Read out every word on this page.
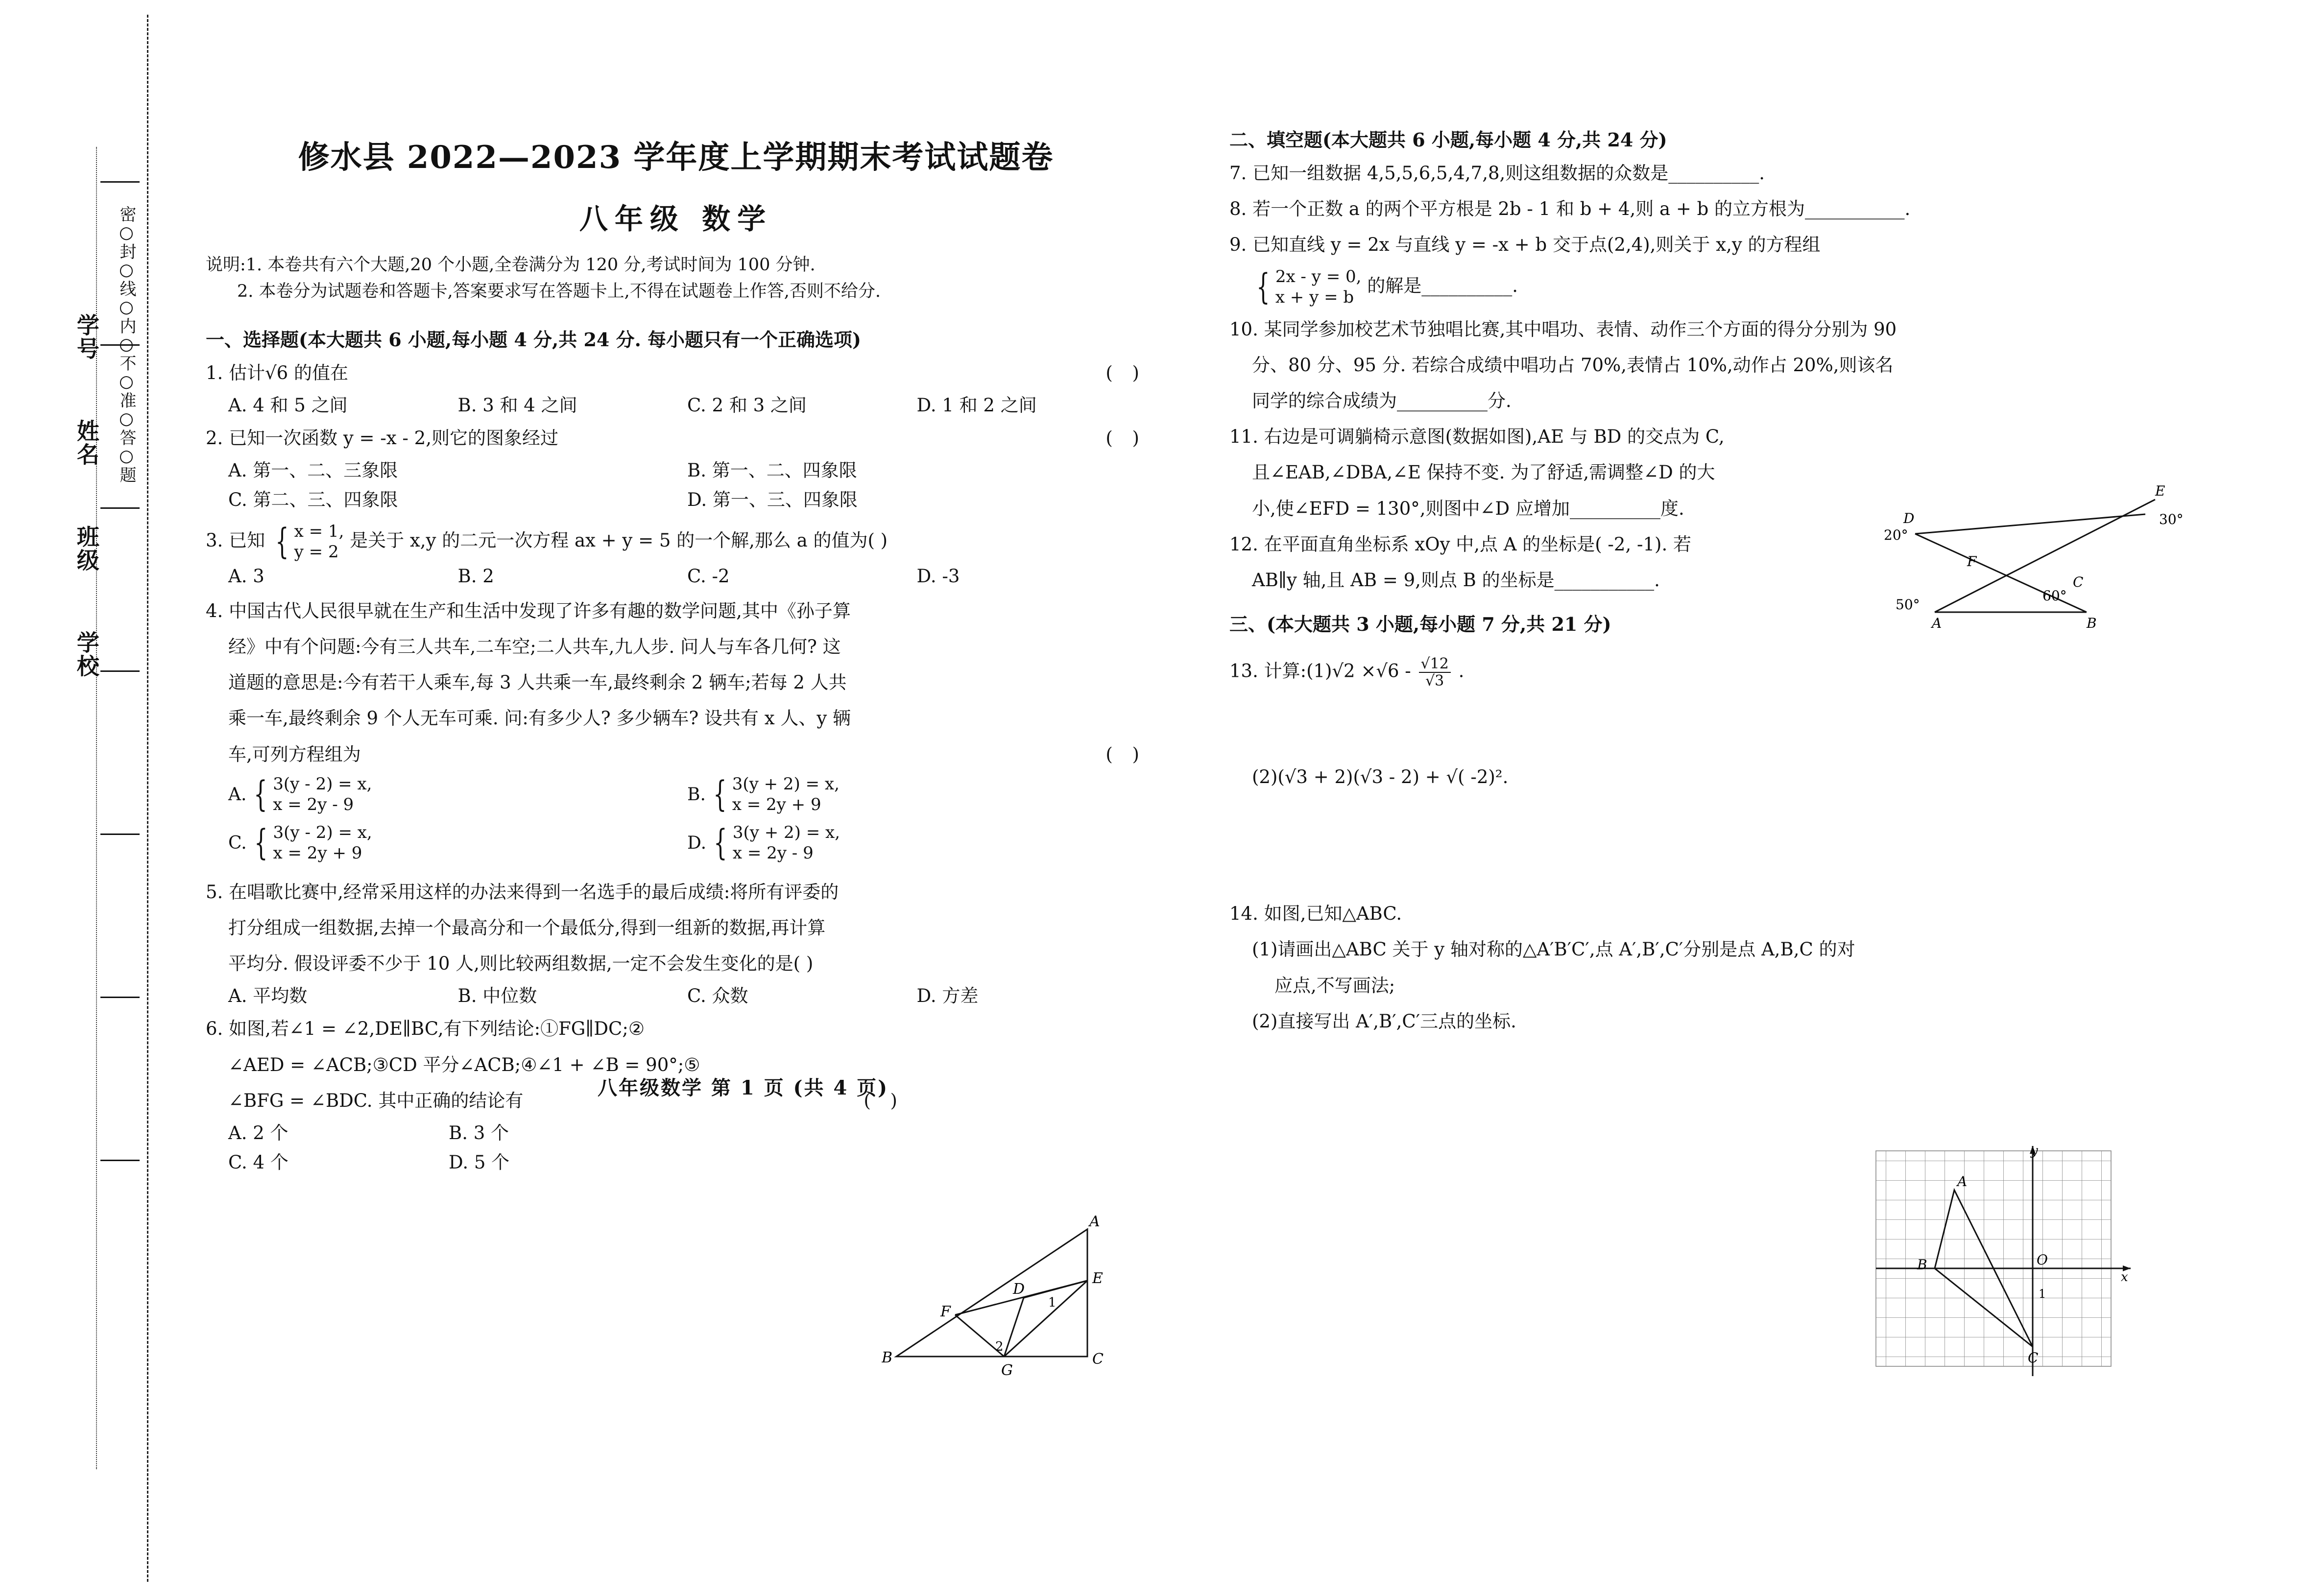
学号
姓名
班级
学校
密○封○线○内○不○准○答○题
修水县 2022—2023 学年度上学期期末考试试题卷
八年级 数学
说明:1. 本卷共有六个大题,20 个小题,全卷满分为 120 分,考试时间为 100 分钟.
2. 本卷分为试题卷和答题卡,答案要求写在答题卡上,不得在试题卷上作答,否则不给分.
一、选择题(本大题共 6 小题,每小题 4 分,共 24 分. 每小题只有一个正确选项)
( )
1. 估计√6 的值在
A. 4 和 5 之间	B. 3 和 4 之间	C. 2 和 3 之间	D. 1 和 2 之间
( )
2. 已知一次函数 y = -x - 2,则它的图象经过
A. 第一、二、三象限	B. 第一、二、四象限
C. 第二、三、四象限	D. 第一、三、四象限
3. 已知 { x = 1,
y = 2
是关于 x,y 的二元一次方程 ax + y = 5 的一个解,那么 a 的值为( )
A. 3	B. 2	C. -2	D. -3
4. 中国古代人民很早就在生产和生活中发现了许多有趣的数学问题,其中《孙子算
经》中有个问题:今有三人共车,二车空;二人共车,九人步. 问人与车各几何? 这
道题的意思是:今有若干人乘车,每 3 人共乘一车,最终剩余 2 辆车;若每 2 人共
乘一车,最终剩余 9 个人无车可乘. 问:有多少人? 多少辆车? 设共有 x 人、y 辆
( )
车,可列方程组为
A. { 3(y - 2) = x,
x = 2y - 9
B. { 3(y + 2) = x,
x = 2y + 9
C. { 3(y - 2) = x,
x = 2y + 9
D. { 3(y + 2) = x,
x = 2y - 9
5. 在唱歌比赛中,经常采用这样的办法来得到一名选手的最后成绩:将所有评委的
打分组成一组数据,去掉一个最高分和一个最低分,得到一组新的数据,再计算
平均分. 假设评委不少于 10 人,则比较两组数据,一定不会发生变化的是( )
A. 平均数	B. 中位数	C. 众数	D. 方差
6. 如图,若∠1 = ∠2,DE∥BC,有下列结论:①FG∥DC;②
∠AED = ∠ACB;③CD 平分∠ACB;④∠1 + ∠B = 90°;⑤
( )
∠BFG = ∠BDC. 其中正确的结论有
A. 2 个	B. 3 个
C. 4 个	D. 5 个
A
D
E
F
B
G
C
1
2
八年级数学 第 1 页 (共 4 页)
二、填空题(本大题共 6 小题,每小题 4 分,共 24 分)
7. 已知一组数据 4,5,5,6,5,4,7,8,则这组数据的众数是__________.
8. 若一个正数 a 的两个平方根是 2b - 1 和 b + 4,则 a + b 的立方根为___________.
9. 已知直线 y = 2x 与直线 y = -x + b 交于点(2,4),则关于 x,y 的方程组
{ 2x - y = 0,
x + y = b
的解是__________.
10. 某同学参加校艺术节独唱比赛,其中唱功、表情、动作三个方面的得分分别为 90
分、80 分、95 分. 若综合成绩中唱功占 70%,表情占 10%,动作占 20%,则该名
同学的综合成绩为__________分.
11. 右边是可调躺椅示意图(数据如图),AE 与 BD 的交点为 C,
且∠EAB,∠DBA,∠E 保持不变. 为了舒适,需调整∠D 的大
小,使∠EFD = 130°,则图中∠D 应增加__________度.	D
E
F
C
A	B
20°
30°
50°
60°
12. 在平面直角坐标系 xOy 中,点 A 的坐标是( -2, -1). 若
AB∥y 轴,且 AB = 9,则点 B 的坐标是___________.
三、(本大题共 3 小题,每小题 7 分,共 21 分)
13. 计算:(1)√2 $\times√6 - \frac{√12}{√3}$ .
(2)(√3 + 2)(√3 - 2) + √( -2)².
14. 如图,已知△ABC.
(1)请画出△ABC 关于 y 轴对称的△A′B′C′,点 A′,B′,C′分别是点 A,B,C 的对
应点,不写画法;
(2)直接写出 A′,B′,C′三点的坐标.
A
B	O
C
y
x
1
